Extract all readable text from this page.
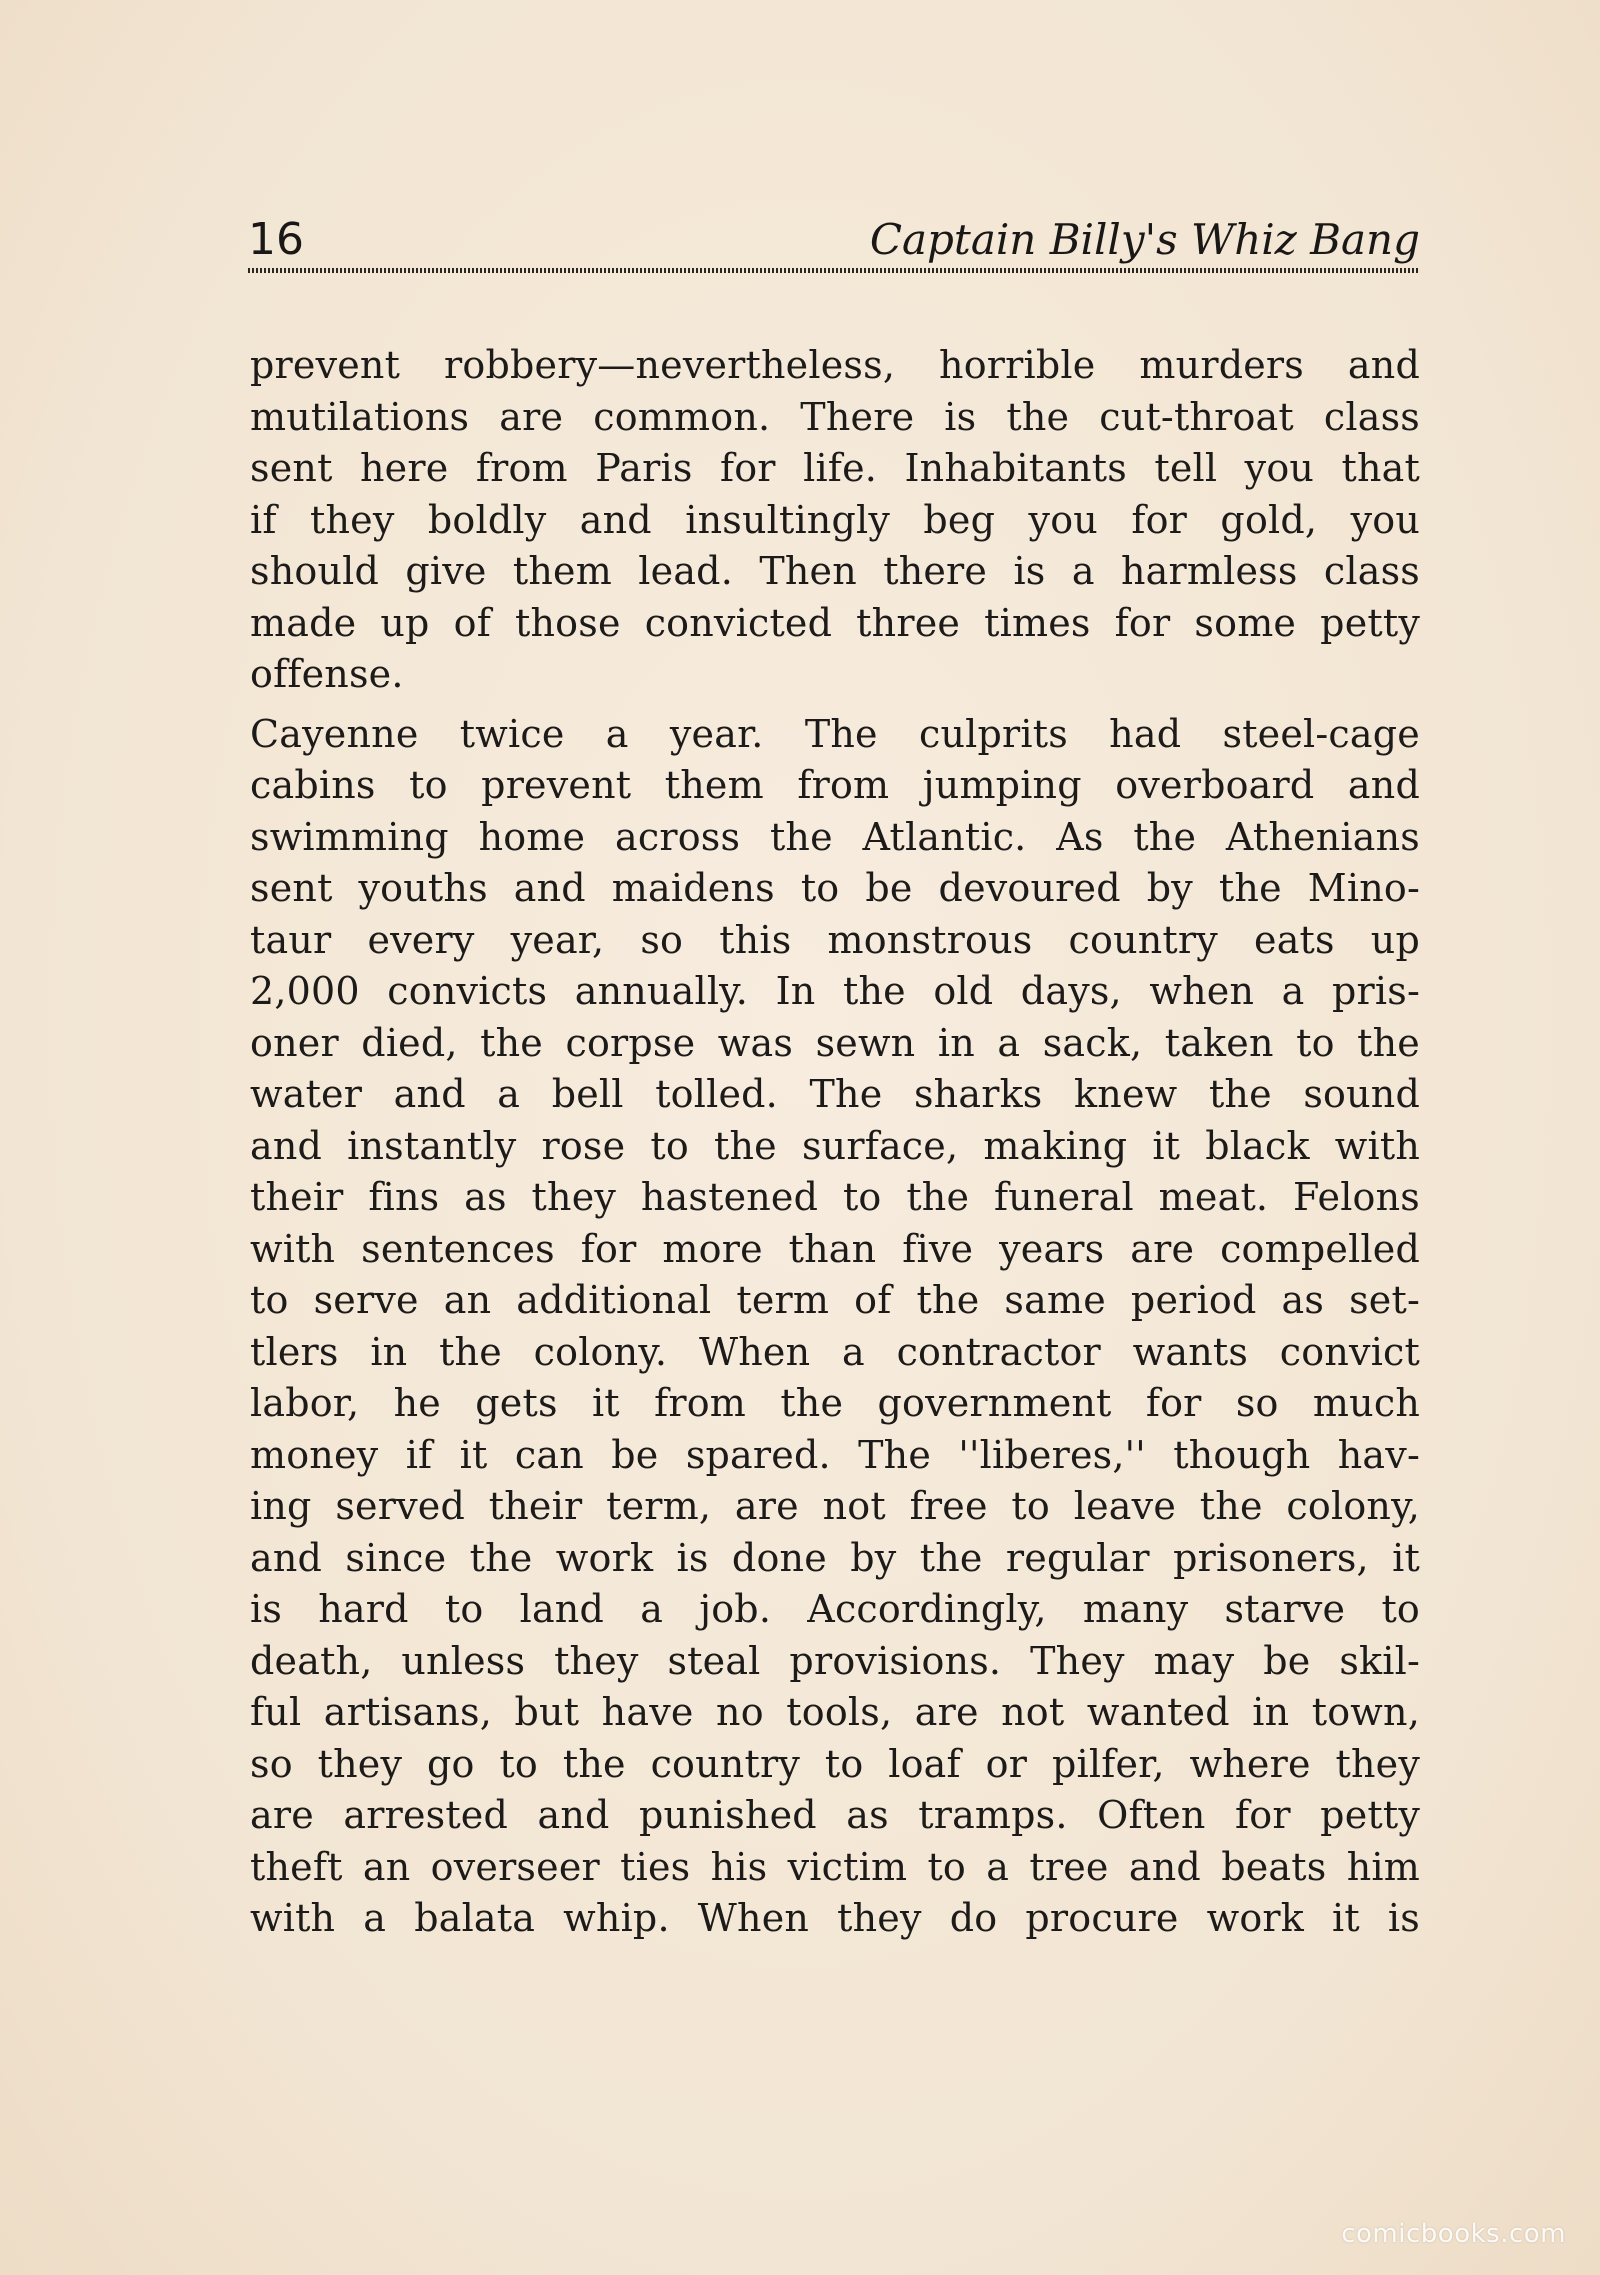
16	Captain Billy's Whiz Bang
prevent robbery—nevertheless, horrible murders and
mutilations are common. There is the cut-throat class
sent here from Paris for life. Inhabitants tell you that
if they boldly and insultingly beg you for gold, you
should give them lead. Then there is a harmless class
made up of those convicted three times for some petty
offense.
Cayenne twice a year. The culprits had steel-cage
cabins to prevent them from jumping overboard and
swimming home across the Atlantic. As the Athenians
sent youths and maidens to be devoured by the Mino-
taur every year, so this monstrous country eats up
2,000 convicts annually. In the old days, when a pris-
oner died, the corpse was sewn in a sack, taken to the
water and a bell tolled. The sharks knew the sound
and instantly rose to the surface, making it black with
their fins as they hastened to the funeral meat. Felons
with sentences for more than five years are compelled
to serve an additional term of the same period as set-
tlers in the colony. When a contractor wants convict
labor, he gets it from the government for so much
money if it can be spared. The ''liberes,'' though hav-
ing served their term, are not free to leave the colony,
and since the work is done by the regular prisoners, it
is hard to land a job. Accordingly, many starve to
death, unless they steal provisions. They may be skil-
ful artisans, but have no tools, are not wanted in town,
so they go to the country to loaf or pilfer, where they
are arrested and punished as tramps. Often for petty
theft an overseer ties his victim to a tree and beats him
with a balata whip. When they do procure work it is
comicbooks.com
